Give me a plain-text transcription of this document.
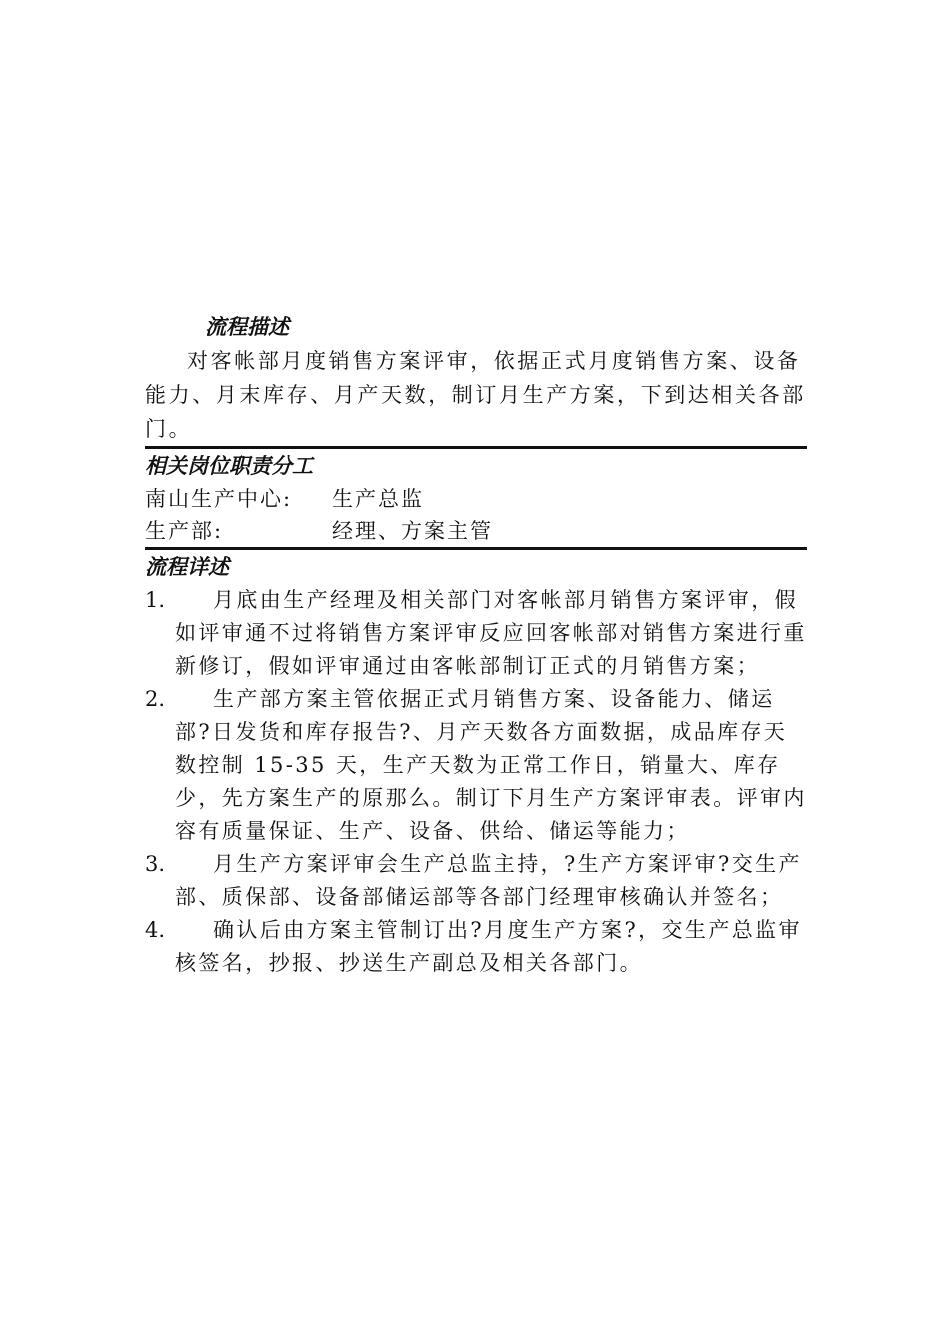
流程描述

对客帐部月度销售方案评审，依据正式月度销售方案、设备能力、月末库存、月产天数，制订月生产方案，下到达相关各部门。

相关岗位职责分工
南山生产中心:	生产总监
生产部:	经理、方案主管
流程详述
1.	月底由生产经理及相关部门对客帐部月销售方案评审，假如评审通不过将销售方案评审反应回客帐部对销售方案进行重新修订，假如评审通过由客帐部制订正式的月销售方案；

2.	生产部方案主管依据正式月销售方案、设备能力、储运部?日发货和库存报告?、月产天数各方面数据，成品库存天数控制 15-35 天，生产天数为正常工作日，销量大、库存少，先方案生产的原那么。制订下月生产方案评审表。评审内容有质量保证、生产、设备、供给、储运等能力；

3.	月生产方案评审会生产总监主持，?生产方案评审?交生产部、质保部、设备部储运部等各部门经理审核确认并签名；

4.	确认后由方案主管制订出?月度生产方案?，交生产总监审核签名，抄报、抄送生产副总及相关各部门。
